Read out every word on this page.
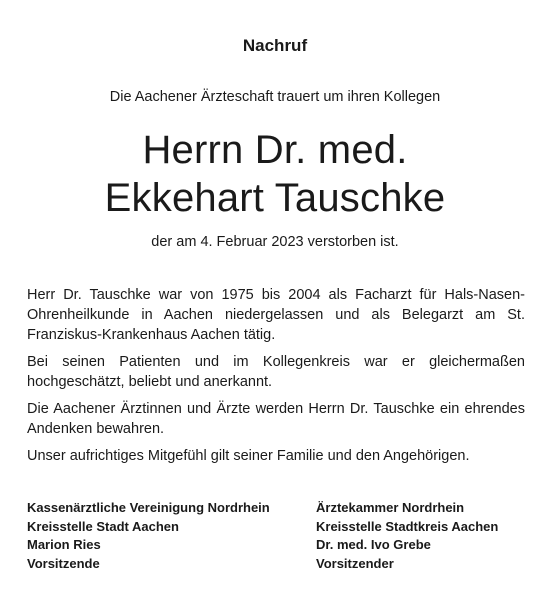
Nachruf
Die Aachener Ärzteschaft trauert um ihren Kollegen
Herrn Dr. med.
Ekkehart Tauschke
der am 4. Februar 2023 verstorben ist.

Herr Dr. Tauschke war von 1975 bis 2004 als Facharzt für Hals-Nasen-Ohrenheilkunde in Aachen niedergelassen und als Belegarzt am St. Franziskus-Krankenhaus Aachen tätig.

Bei seinen Patienten und im Kollegenkreis war er gleichermaßen hochgeschätzt, beliebt und anerkannt.

Die Aachener Ärztinnen und Ärzte werden Herrn Dr. Tauschke ein ehrendes Andenken bewahren.

Unser aufrichtiges Mitgefühl gilt seiner Familie und den Angehörigen.

Kassenärztliche Vereinigung Nordrhein
Kreisstelle Stadt Aachen
Marion Ries
Vorsitzende
Ärztekammer Nordrhein
Kreisstelle Stadtkreis Aachen
Dr. med. Ivo Grebe
Vorsitzender
